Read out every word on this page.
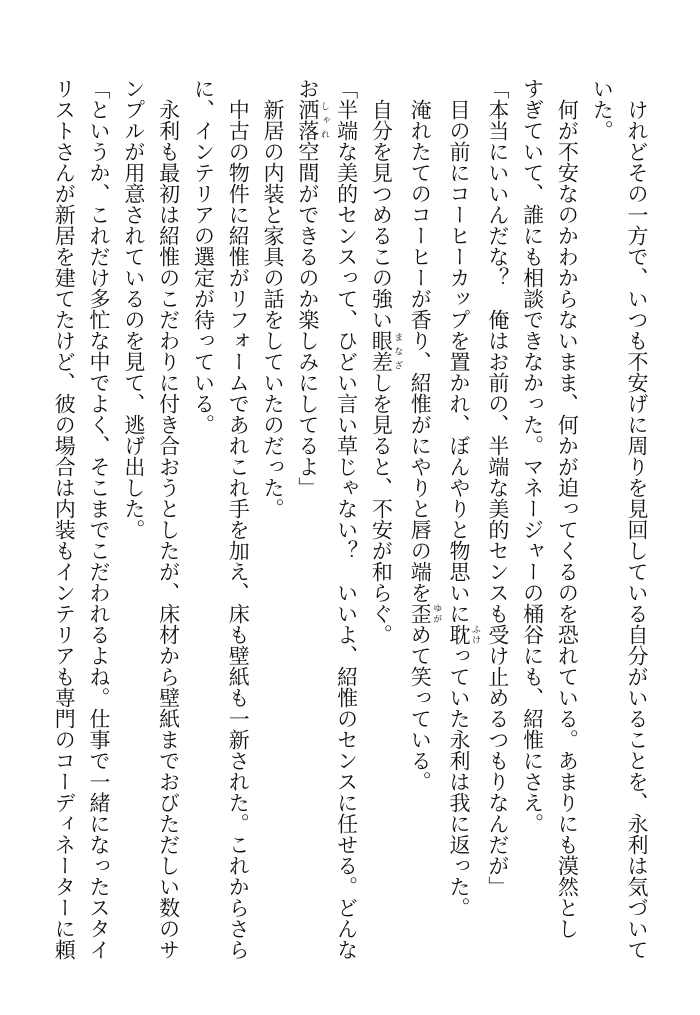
　けれどその一方で、いつも不安げに周りを見回している自分がいることを、永利は気づいて
いた。
　何が不安なのかわからないまま、何かが迫ってくるのを恐れている。あまりにも漠然とし
すぎていて、誰にも相談できなかった。マネージャーの桶谷にも、紹惟にさえ。
「本当にいいんだな？　俺はお前の、半端な美的センスも受け止めるつもりなんだが」
　目の前にコーヒーカップを置かれ、ぼんやりと物思いに耽 ふけっていた永利は我に返った。
　淹れたてのコーヒーが香り、紹惟がにやりと唇の端を歪 ゆがめて笑っている。
　自分を見つめるこの強い眼差 まなざしを見ると、不安が和らぐ。
「半端な美的センスって、ひどい言い草じゃない？　いいよ、紹惟のセンスに任せる。どんな
お洒落 しゃれ空間ができるのか楽しみにしてるよ」
　新居の内装と家具の話をしていたのだった。
　中古の物件に紹惟がリフォームであれこれ手を加え、床も壁紙も一新された。これからさら
に、インテリアの選定が待っている。
　永利も最初は紹惟のこだわりに付き合おうとしたが、床材から壁紙までおびただしい数のサ
ンプルが用意されているのを見て、逃げ出した。
「というか、これだけ多忙な中でよく、そこまでこだわれるよね。仕事で一緒になったスタイ
リストさんが新居を建てたけど、彼の場合は内装もインテリアも専門のコーディネーターに頼
